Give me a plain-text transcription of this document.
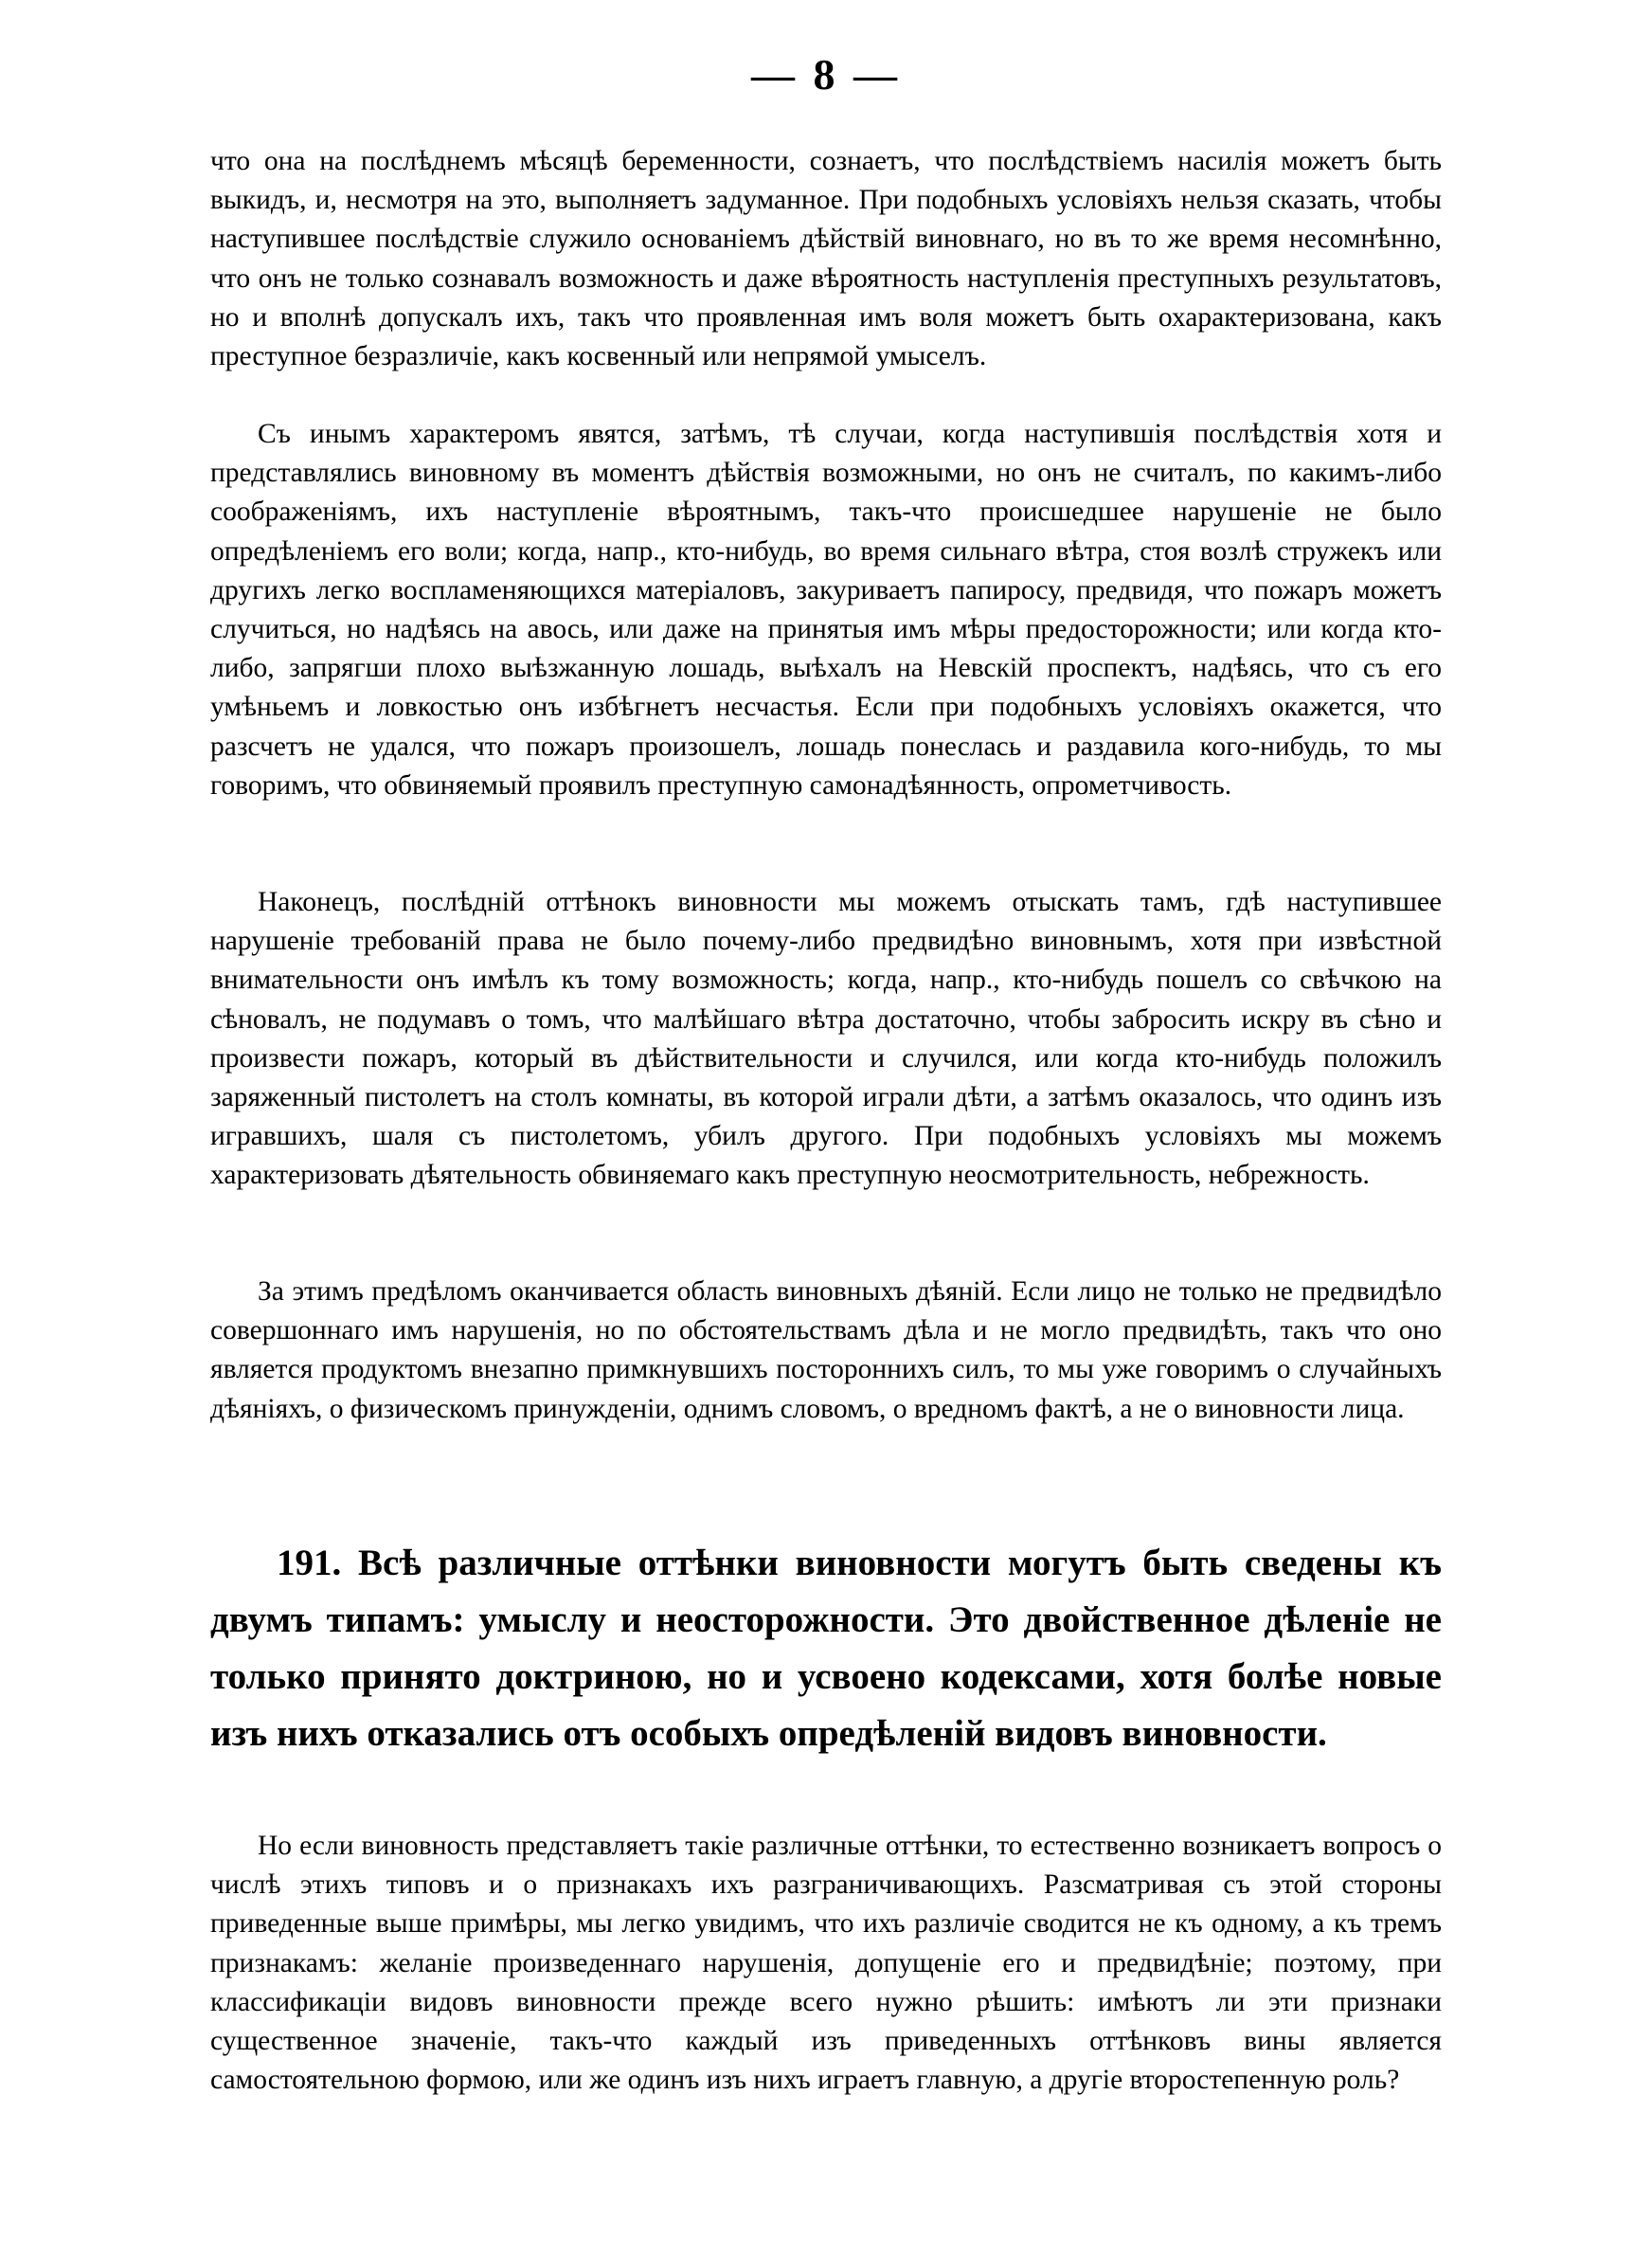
— 8 —

что она на послѣднемъ мѣсяцѣ беременности, сознаетъ, что послѣдствіемъ насилія можетъ быть выкидъ, и, несмотря на это, выполняетъ задуманное. При подобныхъ условіяхъ нельзя сказать, чтобы наступившее послѣдствіе служило основаніемъ дѣйствій виновнаго, но въ то же время несомнѣнно, что онъ не только сознавалъ возможность и даже вѣроятность наступленія преступныхъ результатовъ, но и вполнѣ допускалъ ихъ, такъ что проявленная имъ воля можетъ быть охарактеризована, какъ преступное безразличіе, какъ косвенный или непрямой умыселъ.

Съ инымъ характеромъ явятся, затѣмъ, тѣ случаи, когда наступившія послѣдствія хотя и представлялись виновному въ моментъ дѣйствія возможными, но онъ не считалъ, по какимъ-либо соображеніямъ, ихъ наступленіе вѣроятнымъ, такъ-что происшедшее нарушеніе не было опредѣленіемъ его воли; когда, напр., кто-нибудь, во время сильнаго вѣтра, стоя возлѣ стружекъ или другихъ легко воспламеняющихся матеріаловъ, закуриваетъ папиросу, предвидя, что пожаръ можетъ случиться, но надѣясь на авось, или даже на принятыя имъ мѣры предосторожности; или когда кто-либо, запрягши плохо выѣзжанную лошадь, выѣхалъ на Невскій проспектъ, надѣясь, что съ его умѣньемъ и ловкостью онъ избѣгнетъ несчастья. Если при подобныхъ условіяхъ окажется, что разсчетъ не удался, что пожаръ произошелъ, лошадь понеслась и раздавила кого-нибудь, то мы говоримъ, что обвиняемый проявилъ преступную самонадѣянность, опрометчивость.

Наконецъ, послѣдній оттѣнокъ виновности мы можемъ отыскать тамъ, гдѣ наступившее нарушеніе требованій права не было почему-либо предвидѣно виновнымъ, хотя при извѣстной внимательности онъ имѣлъ къ тому возможность; когда, напр., кто-нибудь пошелъ со свѣчкою на сѣновалъ, не подумавъ о томъ, что малѣйшаго вѣтра достаточно, чтобы забросить искру въ сѣно и произвести пожаръ, который въ дѣйствительности и случился, или когда кто-нибудь положилъ заряженный пистолетъ на столъ комнаты, въ которой играли дѣти, а затѣмъ оказалось, что одинъ изъ игравшихъ, шаля съ пистолетомъ, убилъ другого. При подобныхъ условіяхъ мы можемъ характеризовать дѣятельность обвиняемаго какъ преступную неосмотрительность, небрежность.

За этимъ предѣломъ оканчивается область виновныхъ дѣяній. Если лицо не только не предвидѣло совершоннаго имъ нарушенія, но по обстоятельствамъ дѣла и не могло предвидѣть, такъ что оно является продуктомъ внезапно примкнувшихъ постороннихъ силъ, то мы уже говоримъ о случайныхъ дѣяніяхъ, о физическомъ принужденіи, однимъ словомъ, о вредномъ фактѣ, а не о виновности лица.

191. Всѣ различные оттѣнки виновности могутъ быть сведены къ двумъ типамъ: умыслу и неосторожности. Это двойственное дѣленіе не только принято доктриною, но и усвоено кодексами, хотя болѣе новые изъ нихъ отказались отъ особыхъ опредѣленій видовъ виновности.

Но если виновность представляетъ такіе различные оттѣнки, то естественно возникаетъ вопросъ о числѣ этихъ типовъ и о признакахъ ихъ разграничивающихъ. Разсматривая съ этой стороны приведенные выше примѣры, мы легко увидимъ, что ихъ различіе сводится не къ одному, а къ тремъ признакамъ: желаніе произведеннаго нарушенія, допущеніе его и предвидѣніе; поэтому, при классификаціи видовъ виновности прежде всего нужно рѣшить: имѣютъ ли эти признаки существенное значеніе, такъ-что каждый изъ приведенныхъ оттѣнковъ вины является самостоятельною формою, или же одинъ изъ нихъ играетъ главную, а другіе второстепенную роль?
